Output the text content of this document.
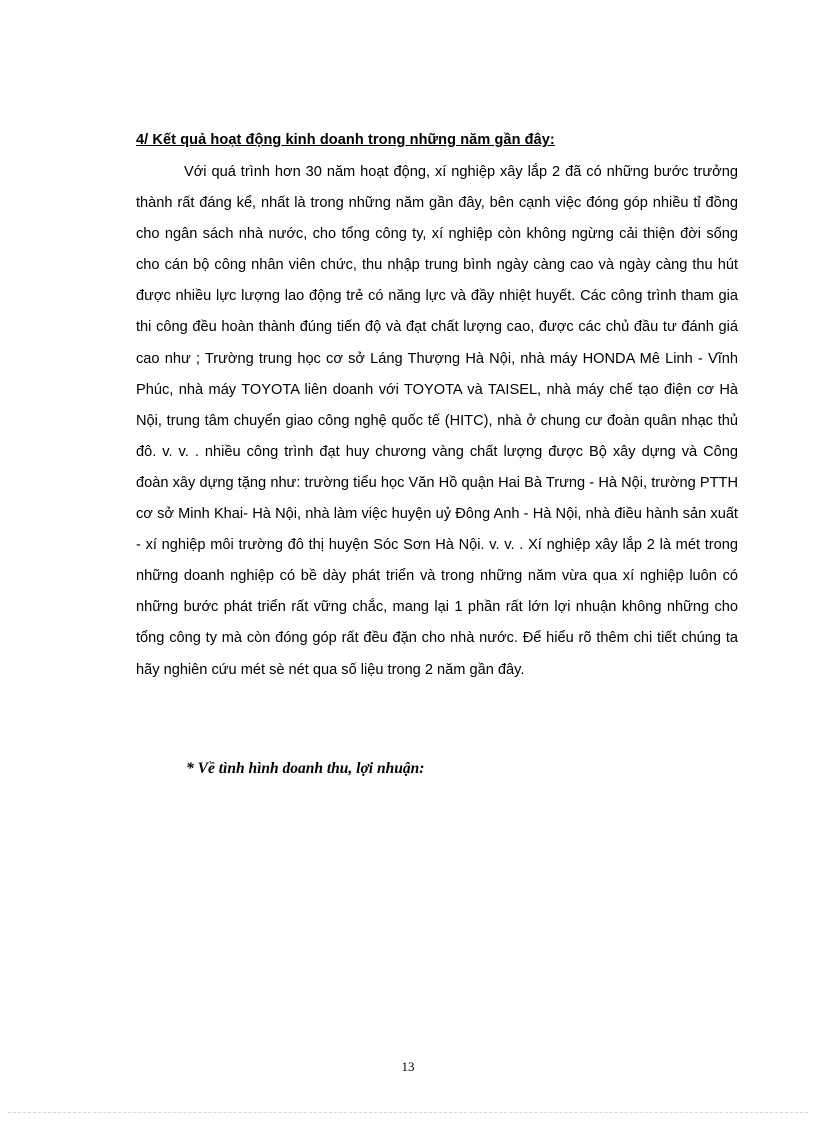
4/ Kết quả hoạt động kinh doanh trong những năm gần đây:

Với quá trình hơn 30 năm hoạt động, xí nghiệp xây lắp 2 đã có những bước trưởng thành rất đáng kể, nhất là trong những năm gần đây, bên cạnh việc đóng góp nhiều tỉ đồng cho ngân sách nhà nước, cho tổng công ty, xí nghiệp còn không ngừng cải thiện đời sống cho cán bộ công nhân viên chức, thu nhập trung bình ngày càng cao và ngày càng thu hút được nhiều lực lượng lao động trẻ có năng lực và đầy nhiệt huyết. Các công trình tham gia thi công đều hoàn thành đúng tiến độ và đạt chất lượng cao, được các chủ đầu tư đánh giá cao như ; Trường trung học cơ sở Láng Thượng Hà Nội, nhà máy HONDA Mê Linh - Vĩnh Phúc, nhà máy TOYOTA liên doanh với TOYOTA và TAISEL, nhà máy chế tạo điện cơ Hà Nội, trung tâm chuyển giao công nghệ quốc tế (HITC), nhà ở chung cư đoàn quân nhạc thủ đô. v. v. . nhiều công trình đạt huy chương vàng chất lượng được Bộ xây dựng và Công đoàn xây dựng tặng như: trường tiểu học Văn Hồ quận Hai Bà Trưng - Hà Nội, trường PTTH cơ sở Minh Khai- Hà Nội, nhà làm việc huyện uỷ Đông Anh - Hà Nội, nhà điều hành sản xuất - xí nghiệp môi trường đô thị huyện Sóc Sơn Hà Nội. v. v. . Xí nghiệp xây lắp 2 là mét trong những doanh nghiệp có bề dày phát triển và trong những năm vừa qua xí nghiệp luôn có những bước phát triển rất vững chắc, mang lại 1 phần rất lớn lợi nhuận không những cho tổng công ty mà còn đóng góp rất đều đặn cho nhà nước. Để hiểu rõ thêm chi tiết chúng ta hãy nghiên cứu mét sè nét qua số liệu trong 2 năm gần đây.

* Về tình hình doanh thu, lợi nhuận:
13
